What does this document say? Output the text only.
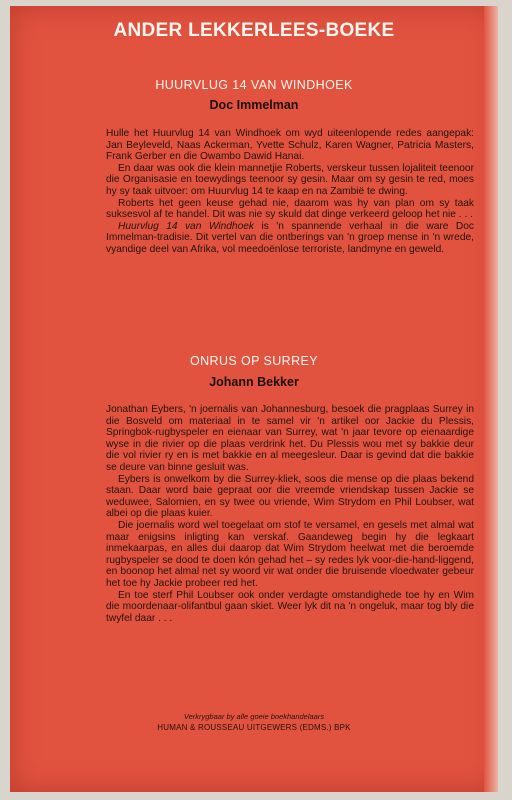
ANDER LEKKERLEES-BOEKE
HUURVLUG 14 VAN WINDHOEK
Doc Immelman

Hulle het Huurvlug 14 van Windhoek om wyd uiteenlopende redes aangepak: Jan Beyleveld, Naas Ackerman, Yvette Schulz, Karen Wagner, Patricia Masters, Frank Gerber en die Owambo Dawid Hanai.

En daar was ook die klein mannetjie Roberts, verskeur tussen lojaliteit teenoor die Organisasie en toewydings teenoor sy gesin. Maar om sy gesin te red, moes hy sy taak uitvoer: om Huurvlug 14 te kaap en na Zambië te dwing.

Roberts het geen keuse gehad nie, daarom was hy van plan om sy taak suksesvol af te handel. Dit was nie sy skuld dat dinge verkeerd geloop het nie . . .

Huurvlug 14 van Windhoek is 'n spannende verhaal in die ware Doc Immelman-tradisie. Dit vertel van die ontberings van 'n groep mense in 'n wrede, vyandige deel van Afrika, vol meedoënlose terroriste, landmyne en geweld.

ONRUS OP SURREY
Johann Bekker

Jonathan Eybers, 'n joernalis van Johannesburg, besoek die pragplaas Surrey in die Bosveld om materiaal in te samel vir 'n artikel oor Jackie du Plessis, Springbok-rugbyspeler en eienaar van Surrey, wat 'n jaar tevore op eienaardige wyse in die rivier op die plaas verdrink het. Du Plessis wou met sy bakkie deur die vol rivier ry en is met bakkie en al meegesleur. Daar is gevind dat die bakkie se deure van binne gesluit was.

Eybers is onwelkom by die Surrey-kliek, soos die mense op die plaas bekend staan. Daar word baie gepraat oor die vreemde vriendskap tussen Jackie se weduwee, Salomien, en sy twee ou vriende, Wim Strydom en Phil Loubser, wat albei op die plaas kuier.

Die joernalis word wel toegelaat om stof te versamel, en gesels met almal wat maar enigsins inligting kan verskaf. Gaandeweg begin hy die legkaart inmekaarpas, en alles dui daarop dat Wim Strydom heelwat met die beroemde rugbyspeler se dood te doen kón gehad het – sy redes lyk voor-die-hand-liggend, en boonop het almal net sy woord vir wat onder die bruisende vloedwater gebeur het toe hy Jackie probeer red het.

En toe sterf Phil Loubser ook onder verdagte omstandighede toe hy en Wim die moordenaar-olifantbul gaan skiet. Weer lyk dit na 'n ongeluk, maar tog bly die twyfel daar . . .

Verkrygbaar by alle goeie boekhandelaars
HUMAN & ROUSSEAU UITGEWERS (EDMS.) BPK
